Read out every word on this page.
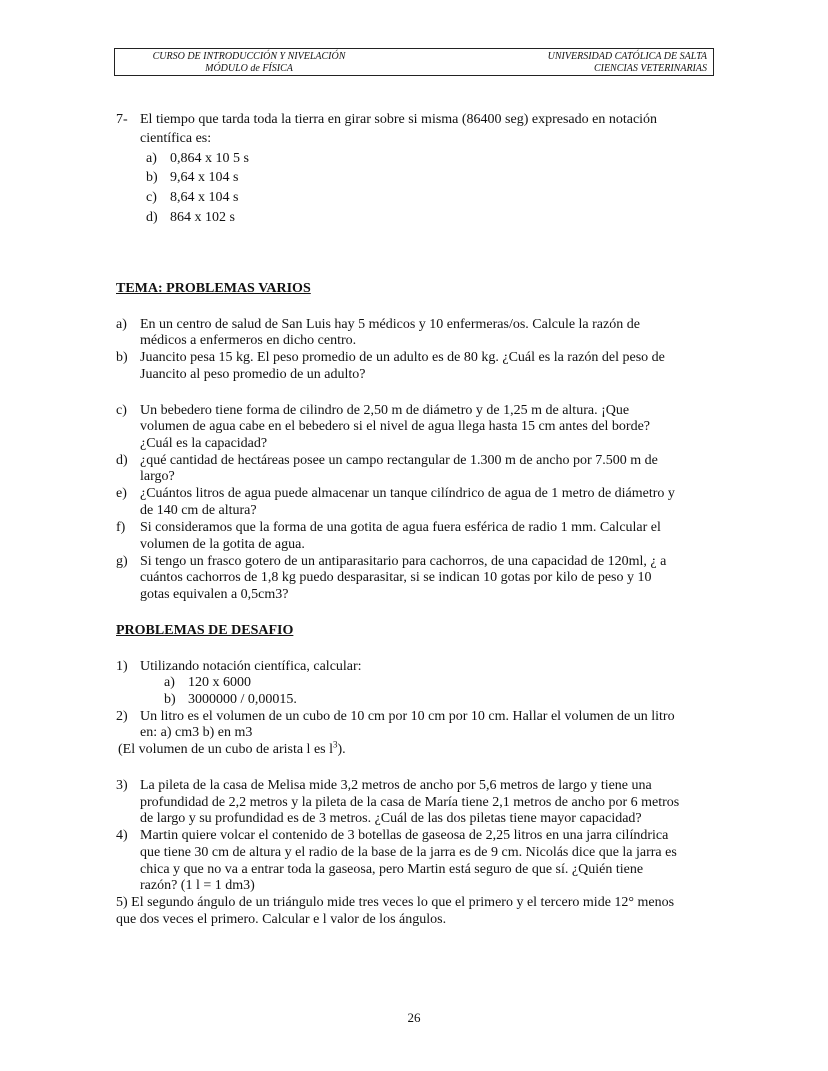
CURSO DE INTRODUCCIÓN Y NIVELACIÓN
MÓDULO de FÍSICA
UNIVERSIDAD CATÓLICA DE SALTA
CIENCIAS VETERINARIAS
7- El tiempo que tarda toda la tierra en girar sobre si misma (86400 seg) expresado en notación
científica es:
a) 0,864 x 10 5 s
b) 9,64 x 104 s
c) 8,64 x 104 s
d) 864 x 102 s
TEMA: PROBLEMAS VARIOS
a) En un centro de salud de San Luis hay 5 médicos y 10 enfermeras/os. Calcule la razón de
médicos a enfermeros en dicho centro.
b) Juancito pesa 15 kg. El peso promedio de un adulto es de 80 kg. ¿Cuál es la razón del peso de
Juancito al peso promedio de un adulto?
c) Un bebedero tiene forma de cilindro de 2,50 m de diámetro y de 1,25 m de altura. ¡Que
volumen de agua cabe en el bebedero si el nivel de agua llega hasta 15 cm antes del borde?
¿Cuál es la capacidad?
d) ¿qué cantidad de hectáreas posee un campo rectangular de 1.300 m de ancho por 7.500 m de
largo?
e) ¿Cuántos litros de agua puede almacenar un tanque cilíndrico de agua de 1 metro de diámetro y
de 140 cm de altura?
f) Si consideramos que la forma de una gotita de agua fuera esférica de radio 1 mm. Calcular el
volumen de la gotita de agua.
g) Si tengo un frasco gotero de un antiparasitario para cachorros, de una capacidad de 120ml, ¿ a
cuántos cachorros de 1,8 kg puedo desparasitar, si se indican 10 gotas por kilo de peso y 10
gotas equivalen a 0,5cm3?
PROBLEMAS DE DESAFIO
1) Utilizando notación científica, calcular:
a) 120 x 6000
b) 3000000 / 0,00015.
2) Un litro es el volumen de un cubo de 10 cm por 10 cm por 10 cm. Hallar el volumen de un litro
en: a) cm3 b) en m3
(El volumen de un cubo de arista l es $l^3$).
3) La pileta de la casa de Melisa mide 3,2 metros de ancho por 5,6 metros de largo y tiene una
profundidad de 2,2 metros y la pileta de la casa de María tiene 2,1 metros de ancho por 6 metros
de largo y su profundidad es de 3 metros. ¿Cuál de las dos piletas tiene mayor capacidad?
4) Martin quiere volcar el contenido de 3 botellas de gaseosa de 2,25 litros en una jarra cilíndrica
que tiene 30 cm de altura y el radio de la base de la jarra es de 9 cm. Nicolás dice que la jarra es
chica y que no va a entrar toda la gaseosa, pero Martin está seguro de que sí. ¿Quién tiene
razón? (1 l = 1 dm3)
5) El segundo ángulo de un triángulo mide tres veces lo que el primero y el tercero mide 12° menos
que dos veces el primero. Calcular e l valor de los ángulos.
26
